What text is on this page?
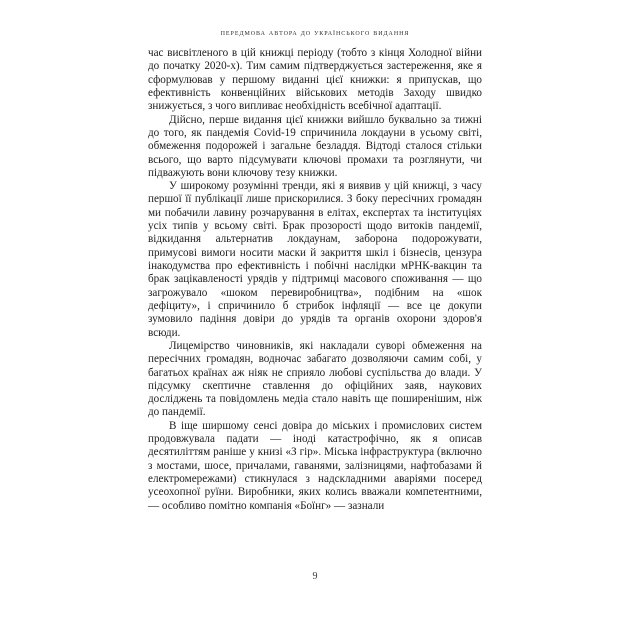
передмова автора до українського видання

час висвітленого в цій книжці періоду (тобто з кінця Холодної війни до початку 2020-х). Тим самим підтверджується застереження, яке я сформулював у першому виданні цієї книжки: я припускав, що ефективність конвенційних військових методів Заходу швидко знижується, з чого випливає необхідність всебічної адаптації.

Дійсно, перше видання цієї книжки вийшло буквально за тижні до того, як пандемія Covid-19 спричинила локдауни в усьому світі, обмеження подорожей і загальне безладдя. Відтоді сталося стільки всього, що варто підсумувати ключові промахи та розглянути, чи підважують вони ключову тезу книжки.

У широкому розумінні тренди, які я виявив у цій книжці, з часу першої її публікації лише прискорилися. З боку пересічних громадян ми побачили лавину розчарування в елітах, експертах та інституціях усіх типів у всьому світі. Брак прозорості щодо витоків пандемії, відкидання альтернатив локдаунам, заборона подорожувати, примусові вимоги носити маски й закриття шкіл і бізнесів, цензура інакодумства про ефективність і побічні наслідки мРНК-вакцин та брак зацікавленості урядів у підтримці масового споживання — що загрожувало «шоком перевиробництва», подібним на «шок дефіциту», і спричинило б стрибок інфляції — все це докупи зумовило падіння довіри до урядів та органів охорони здоров'я всюди.

Лицемірство чиновників, які накладали суворі обмеження на пересічних громадян, водночас забагато дозволяючи самим собі, у багатьох країнах аж ніяк не сприяло любові суспільства до влади. У підсумку скептичне ставлення до офіційних заяв, наукових досліджень та повідомлень медіа стало навіть ще поширенішим, ніж до пандемії.

В іще ширшому сенсі довіра до міських і промислових систем продовжувала падати — іноді катастрофічно, як я описав десятиліттям раніше у книзі «З гір». Міська інфраструктура (включно з мостами, шосе, причалами, гаванями, залізницями, нафтобазами й електромережами) стикнулася з надскладними аваріями посеред усеохопної руїни. Виробники, яких колись вважали компетентними, — особливо помітно компанія «Боїнг» — зазнали

9
